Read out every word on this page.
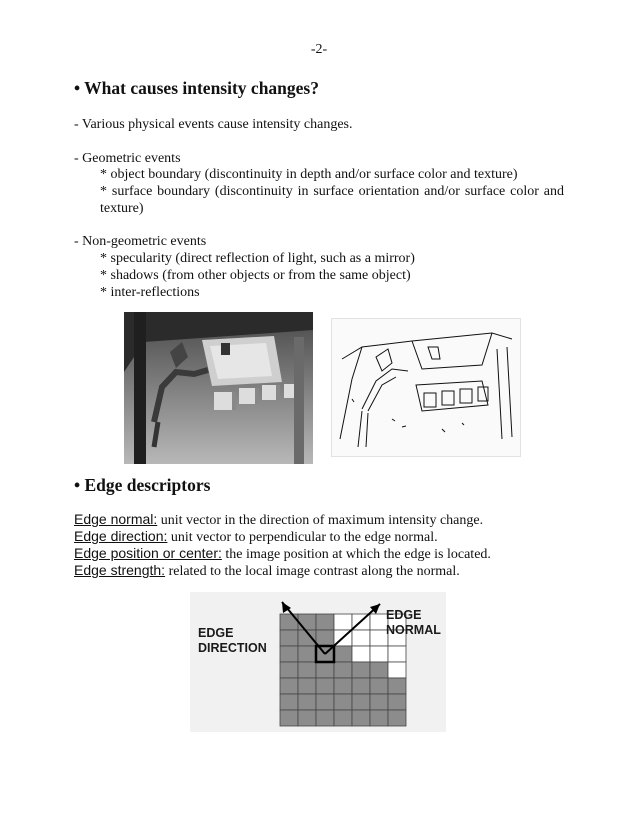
-2-
• What causes intensity changes?
- Various physical events cause intensity changes.
- Geometric events
* object boundary (discontinuity in depth and/or surface color and texture)
* surface boundary (discontinuity in surface orientation and/or surface color and texture)
- Non-geometric events
* specularity (direct reflection of light, such as a mirror)
* shadows (from other objects or from the same object)
* inter-reflections
• Edge descriptors
Edge normal: unit vector in the direction of maximum intensity change.
Edge direction: unit vector to perpendicular to the edge normal.
Edge position or center: the image position at which the edge is located.
Edge strength: related to the local image contrast along the normal.
EDGE
DIRECTION
EDGE
NORMAL
